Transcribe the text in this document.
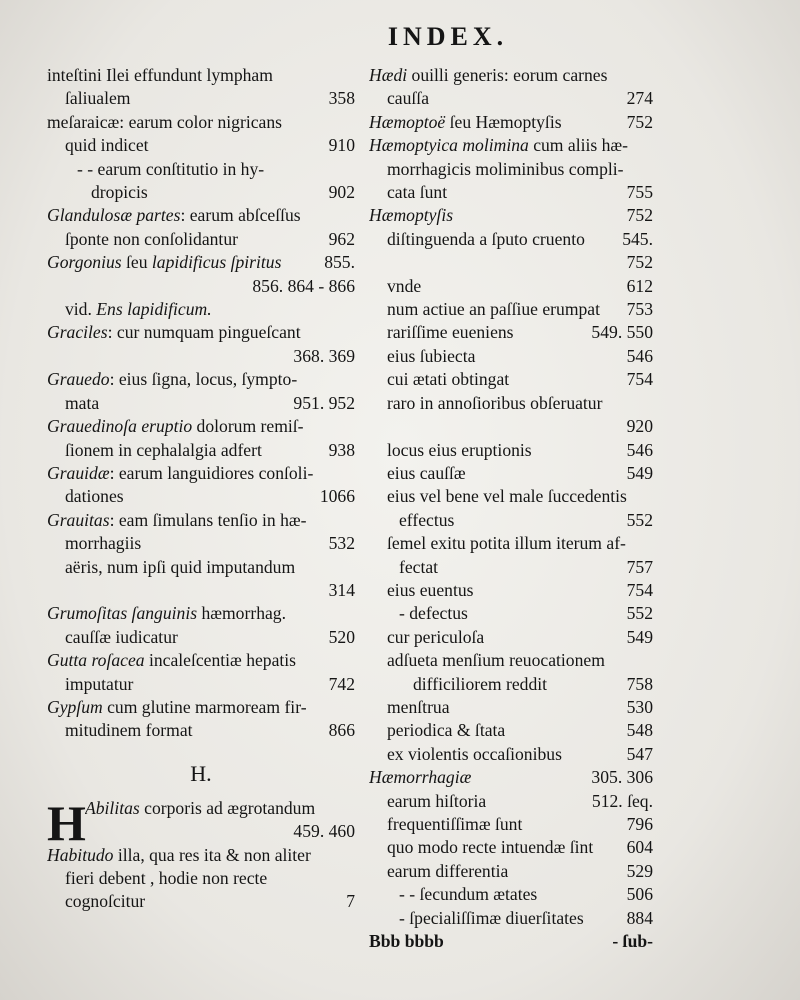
INDEX.
inteſtini Ilei effundunt lympham
ſaliualem	358
meſaraicæ: earum color nigricans
quid indicet	910
- - earum conſtitutio in hy-
dropicis	902
Glandulosæ partes: earum abſceſſus
ſponte non conſolidantur	962
Gorgonius ſeu lapidificus ſpiritus	855.
856. 864 - 866
vid. Ens lapidificum.
Graciles: cur numquam pingueſcant
368. 369
Grauedo: eius ſigna, locus, ſympto-
mata	951. 952
Grauedinoſa eruptio dolorum remiſ-
ſionem in cephalalgia adfert	938
Grauidæ: earum languidiores conſoli-
dationes	1066
Grauitas: eam ſimulans tenſio in hæ-
morrhagiis	532
aëris, num ipſi quid imputandum
314
Grumoſitas ſanguinis hæmorrhag.
cauſſæ iudicatur	520
Gutta roſacea incaleſcentiæ hepatis
imputatur	742
Gypſum cum glutine marmoream fir-
mitudinem format	866
H.
H Abilitas corporis ad ægrotandum
459. 460
Habitudo illa, qua res ita & non aliter
fieri debent , hodie non recte
cognoſcitur	7
Hædi ouilli generis: eorum carnes
cauſſa	274
Hæmoptoë ſeu Hæmoptyſis	752
Hæmoptyica molimina cum aliis hæ-
morrhagicis moliminibus compli-
cata ſunt	755
Hæmoptyſis	752
diſtinguenda a ſputo cruento	545.
752
vnde	612
num actiue an paſſiue erumpat	753
rariſſime eueniens	549. 550
eius ſubiecta	546
cui ætati obtingat	754
raro in annoſioribus obſeruatur
920
locus eius eruptionis	546
eius cauſſæ	549
eius vel bene vel male ſuccedentis
effectus	552
ſemel exitu potita illum iterum af-
fectat	757
eius euentus	754
- defectus	552
cur periculoſa	549
adſueta menſium reuocationem
difficiliorem reddit	758
menſtrua	530
periodica & ſtata	548
ex violentis occaſionibus	547
Hæmorrhagiæ	305. 306
earum hiſtoria	512. ſeq.
frequentiſſimæ ſunt	796
quo modo recte intuendæ ſint	604
earum differentia	529
- - ſecundum ætates	506
- ſpecialiſſimæ diuerſitates	884
Bbb bbbb	- ſub-
